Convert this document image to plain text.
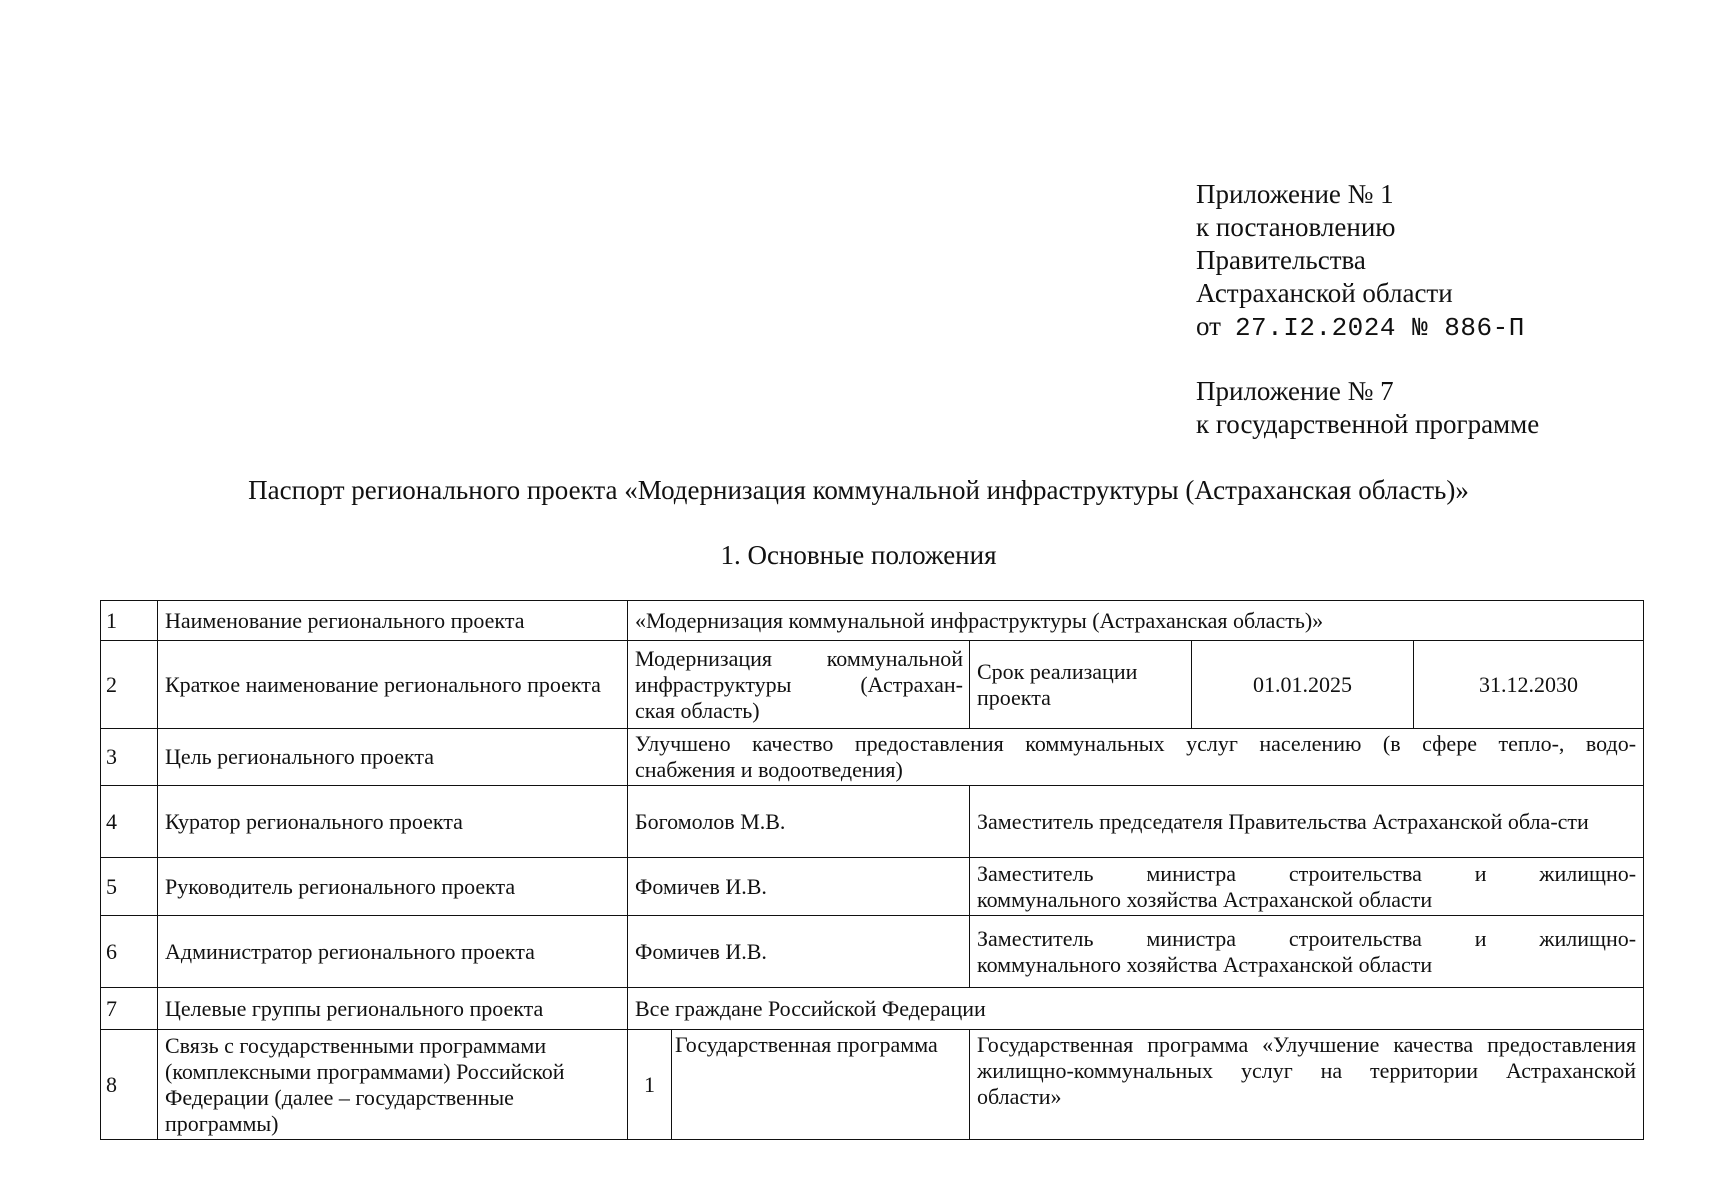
Приложение № 1
к постановлению
Правительства
Астраханской области
от 27.I2.2024 № 886-П
Приложение № 7
к государственной программе
Паспорт регионального проекта «Модернизация коммунальной инфраструктуры (Астраханская область)»
1. Основные положения
1	Наименование регионального проекта	«Модернизация коммунальной инфраструктуры (Астраханская область)»				
2	Краткое наименование регионального проекта	Модернизация коммунальной
инфраструктуры (Астрахан-
ская область)		Срок реализации проекта	01.01.2025	31.12.2030
3	Цель регионального проекта	Улучшено качество предоставления коммунальных услуг населению (в сфере тепло-, водо-
снабжения и водоотведения)				

4	Куратор регионального проекта	Богомолов М.В.		Заместитель председателя Правительства Астраханской обла-сти		
5	Руководитель регионального проекта	Фомичев И.В.		Заместитель министра строительства и жилищно-
коммунального хозяйства Астраханской области		

6	Администратор регионального проекта	Фомичев И.В.		Заместитель министра строительства и жилищно-
коммунального хозяйства Астраханской области		

7	Целевые группы регионального проекта	Все граждане Российской Федерации				
8	Связь с государственными программами (комплексными программами) Российской Федерации (далее – государственные программы)	1	Государственная программа	Государственная программа «Улучшение качества предоставления жилищно-коммунальных услуг на территории Астраханской области»		
